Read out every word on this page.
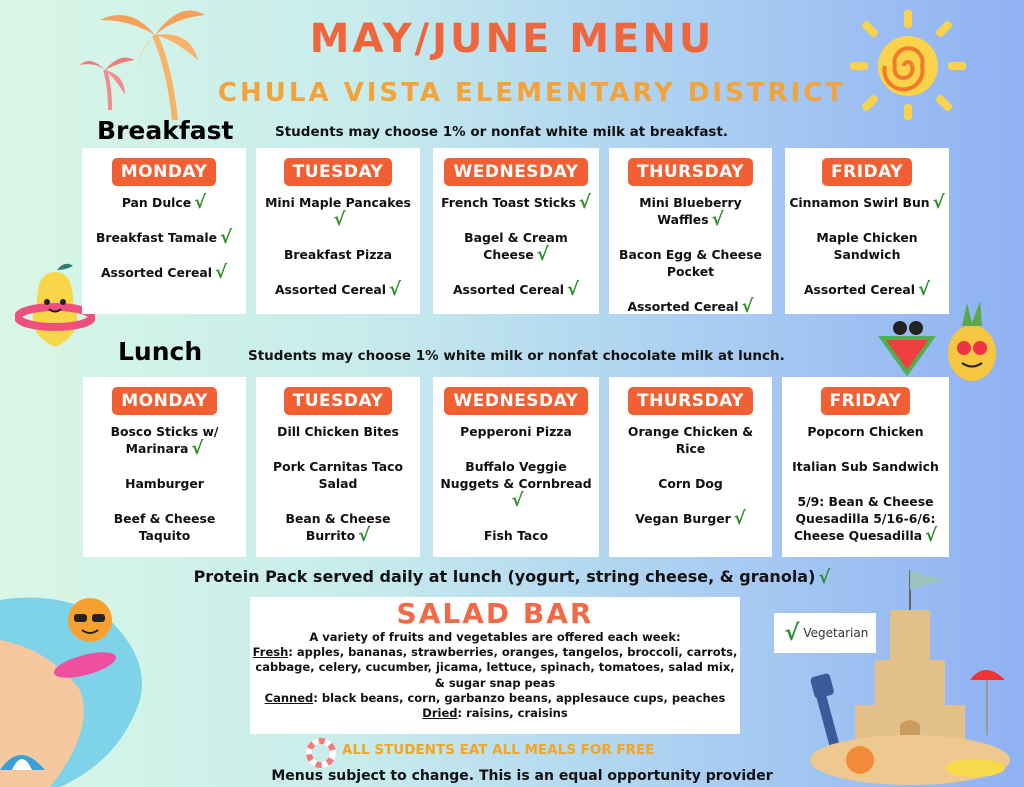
MAY/JUNE MENU
CHULA VISTA ELEMENTARY DISTRICT
Breakfast	Students may choose 1% or nonfat white milk at breakfast.
MONDAY
Pan Dulce √
Breakfast Tamale √
Assorted Cereal √
TUESDAY
Mini Maple Pancakes√
Breakfast Pizza
Assorted Cereal √
WEDNESDAY
French Toast Sticks √
Bagel & Cream Cheese √
Assorted Cereal √
THURSDAY
Mini Blueberry Waffles √
Bacon Egg & Cheese Pocket
Assorted Cereal √
FRIDAY
Cinnamon Swirl Bun √
Maple Chicken Sandwich
Assorted Cereal √
Lunch	Students may choose 1% white milk or nonfat chocolate milk at lunch.
MONDAY
Bosco Sticks w/ Marinara √
Hamburger
Beef & Cheese Taquito
TUESDAY
Dill Chicken Bites
Pork Carnitas Taco Salad
Bean & Cheese Burrito √
WEDNESDAY
Pepperoni Pizza
Buffalo Veggie Nuggets & Cornbread√
Fish Taco
THURSDAY
Orange Chicken & Rice
Corn Dog
Vegan Burger √
FRIDAY
Popcorn Chicken
Italian Sub Sandwich
5/9: Bean & Cheese Quesadilla 5/16-6/6: Cheese Quesadilla √
Protein Pack served daily at lunch (yogurt, string cheese, & granola) √
SALAD BAR
A variety of fruits and vegetables are offered each week:
Fresh: apples, bananas, strawberries, oranges, tangelos, broccoli, carrots, cabbage, celery, cucumber, jicama, lettuce, spinach, tomatoes, salad mix, & sugar snap peas
Canned: black beans, corn, garbanzo beans, applesauce cups, peaches
Dried: raisins, craisins
√ Vegetarian
ALL STUDENTS EAT ALL MEALS FOR FREE
Menus subject to change. This is an equal opportunity provider
